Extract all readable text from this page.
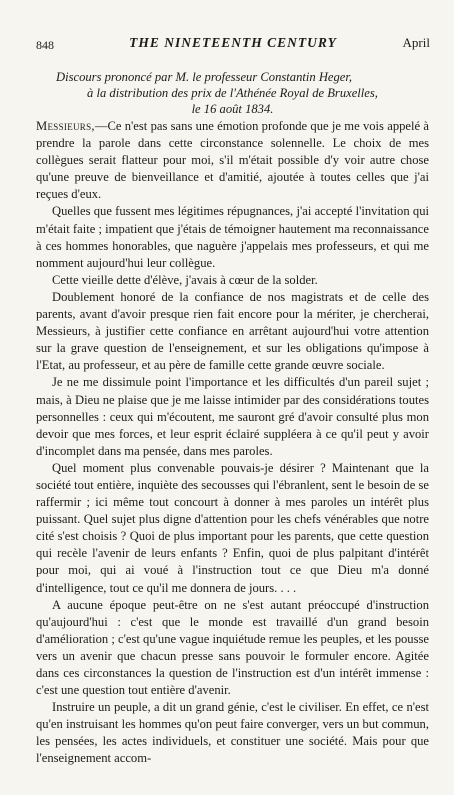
848	THE NINETEENTH CENTURY	April
Discours prononcé par M. le professeur Constantin Heger,
à la distribution des prix de l'Athénée Royal de Bruxelles,
le 16 août 1834.

Messieurs,—Ce n'est pas sans une émotion profonde que je me vois appelé à prendre la parole dans cette circonstance solennelle. Le choix de mes collègues serait flatteur pour moi, s'il m'était possible d'y voir autre chose qu'une preuve de bienveillance et d'amitié, ajoutée à toutes celles que j'ai reçues d'eux.

Quelles que fussent mes légitimes répugnances, j'ai accepté l'invitation qui m'était faite ; impatient que j'étais de témoigner hautement ma reconnaissance à ces hommes honorables, que naguère j'appelais mes professeurs, et qui me nomment aujourd'hui leur collègue.

Cette vieille dette d'élève, j'avais à cœur de la solder.

Doublement honoré de la confiance de nos magistrats et de celle des parents, avant d'avoir presque rien fait encore pour la mériter, je chercherai, Messieurs, à justifier cette confiance en arrêtant aujourd'hui votre attention sur la grave question de l'enseignement, et sur les obligations qu'impose à l'Etat, au professeur, et au père de famille cette grande œuvre sociale.

Je ne me dissimule point l'importance et les difficultés d'un pareil sujet ; mais, à Dieu ne plaise que je me laisse intimider par des considérations toutes personnelles : ceux qui m'écoutent, me sauront gré d'avoir consulté plus mon devoir que mes forces, et leur esprit éclairé suppléera à ce qu'il peut y avoir d'incomplet dans ma pensée, dans mes paroles.

Quel moment plus convenable pouvais-je désirer ? Maintenant que la société tout entière, inquiète des secousses qui l'ébranlent, sent le besoin de se raffermir ; ici même tout concourt à donner à mes paroles un intérêt plus puissant. Quel sujet plus digne d'attention pour les chefs vénérables que notre cité s'est choisis ? Quoi de plus important pour les parents, que cette question qui recèle l'avenir de leurs enfants ? Enfin, quoi de plus palpitant d'intérêt pour moi, qui ai voué à l'instruction tout ce que Dieu m'a donné d'intelligence, tout ce qu'il me donnera de jours. . . .

A aucune époque peut-être on ne s'est autant préoccupé d'instruction qu'aujourd'hui : c'est que le monde est travaillé d'un grand besoin d'amélioration ; c'est qu'une vague inquiétude remue les peuples, et les pousse vers un avenir que chacun presse sans pouvoir le formuler encore. Agitée dans ces circonstances la question de l'instruction est d'un intérêt immense : c'est une question tout entière d'avenir.

Instruire un peuple, a dit un grand génie, c'est le civiliser. En effet, ce n'est qu'en instruisant les hommes qu'on peut faire converger, vers un but commun, les pensées, les actes individuels, et constituer une société. Mais pour que l'enseignement accom-
